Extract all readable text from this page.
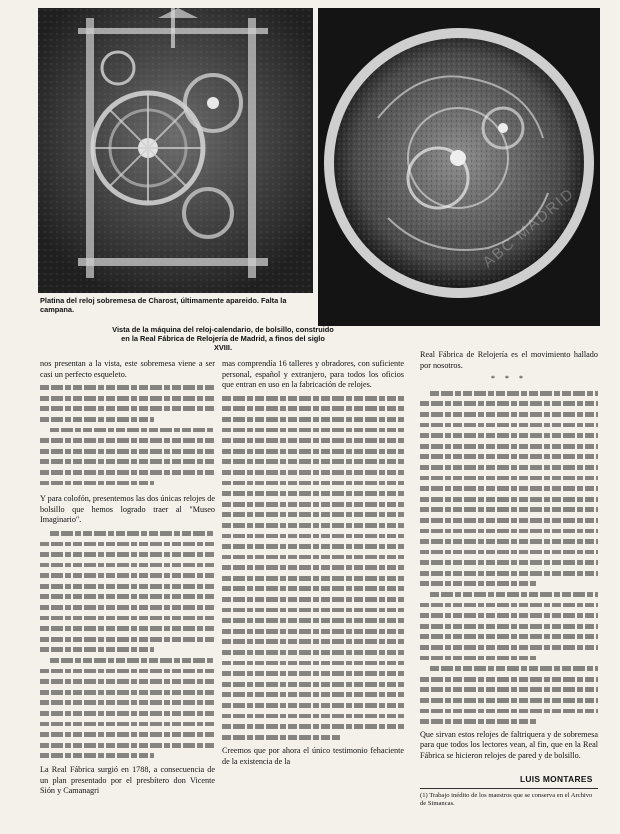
ABC MADRID
Platina del reloj sobremesa de Charost, últimamente apareido. Falta la campana.
Vista de la máquina del reloj-calendario, de bolsillo, construido en la Real Fábrica de Relojería de Madrid, a finos del siglo XVIII.
nos presentan a la vista, este sobremesa viene a ser casi un perfecto esqueleto.
Y para colofón, presentemos las dos únicas relojes de bolsillo que hemos logrado traer al "Museo Imaginario".
La Real Fábrica surgió en 1788, a consecuencia de un plan presentado por el presbítero don Vicente Sión y Camanagri
mas comprendía 16 talleres y obradores, con suficiente personal, español y extranjero, para todos los oficios que entran en uso en la fabricación de relojes.
Creemos que por ahora el único testimonio fehaciente de la existencia de la
Real Fábrica de Relojería es el movimiento hallado por nosotros.
* * *
Que sirvan estos relojes de faltriquera y de sobremesa para que todos los lectores vean, al fin, que en la Real Fábrica se hicieron relojes de pared y de bolsillo.
LUIS MONTARES
(1) Trabajo inédito de los maestros que se conserva en el Archivo de Simancas.
